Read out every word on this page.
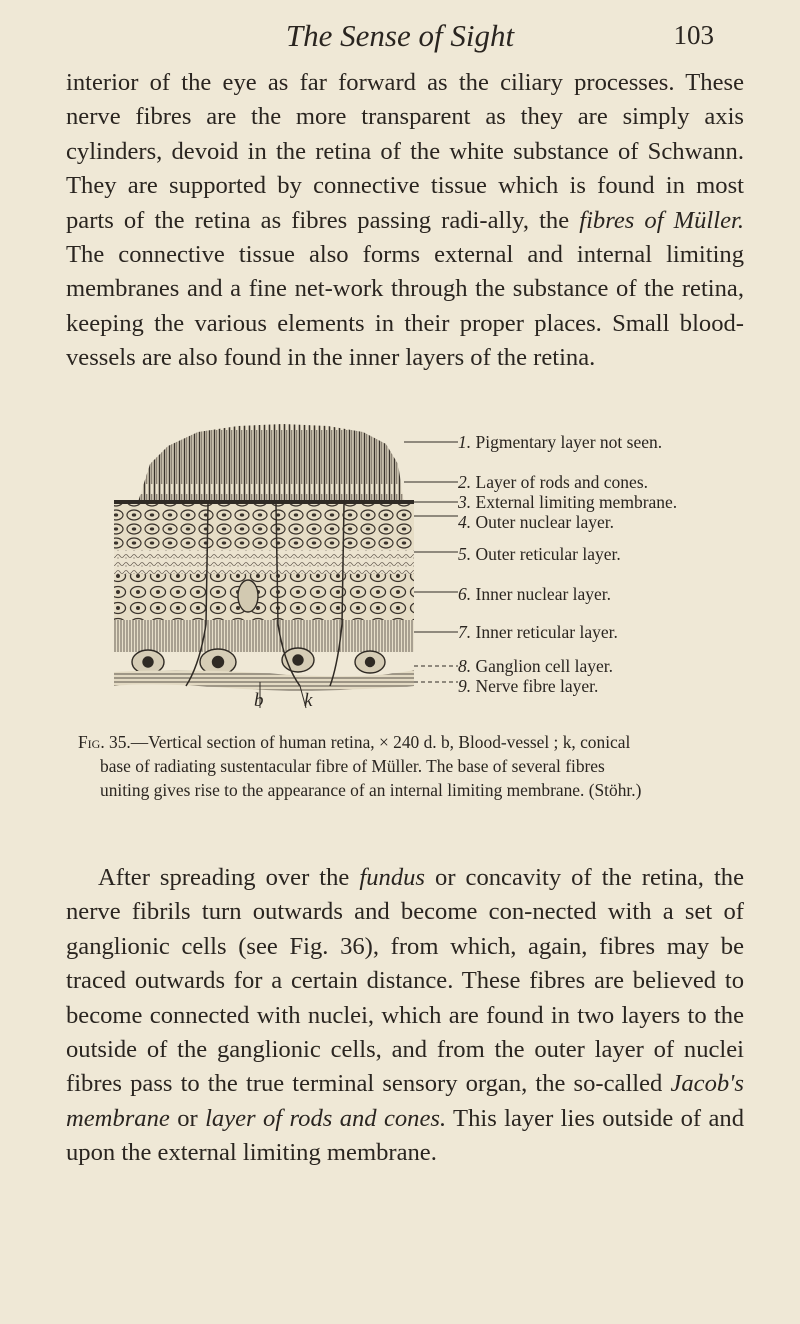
The Sense of Sight	103

interior of the eye as far forward as the ciliary processes. These nerve fibres are the more transparent as they are simply axis cylinders, devoid in the retina of the white substance of Schwann. They are supported by connective tissue which is found in most parts of the retina as fibres passing radi-ally, the fibres of Müller. The connective tissue also forms external and internal limiting membranes and a fine net-work through the substance of the retina, keeping the various elements in their proper places. Small blood-vessels are also found in the inner layers of the retina.

b k
1. Pigmentary layer not seen.
2. Layer of rods and cones.
3. External limiting membrane.
4. Outer nuclear layer.
5. Outer reticular layer.
6. Inner nuclear layer.
7. Inner reticular layer.
8. Ganglion cell layer.
9. Nerve fibre layer.

Fig. 35.—Vertical section of human retina, × 240 d. b, Blood-vessel ; k, conical
base of radiating sustentacular fibre of Müller. The base of several fibres
uniting gives rise to the appearance of an internal limiting membrane. (Stöhr.)

After spreading over the fundus or concavity of the retina, the nerve fibrils turn outwards and become con-nected with a set of ganglionic cells (see Fig. 36), from which, again, fibres may be traced outwards for a certain distance. These fibres are believed to become connected with nuclei, which are found in two layers to the outside of the ganglionic cells, and from the outer layer of nuclei fibres pass to the true terminal sensory organ, the so-called Jacob's membrane or layer of rods and cones. This layer lies outside of and upon the external limiting membrane.
